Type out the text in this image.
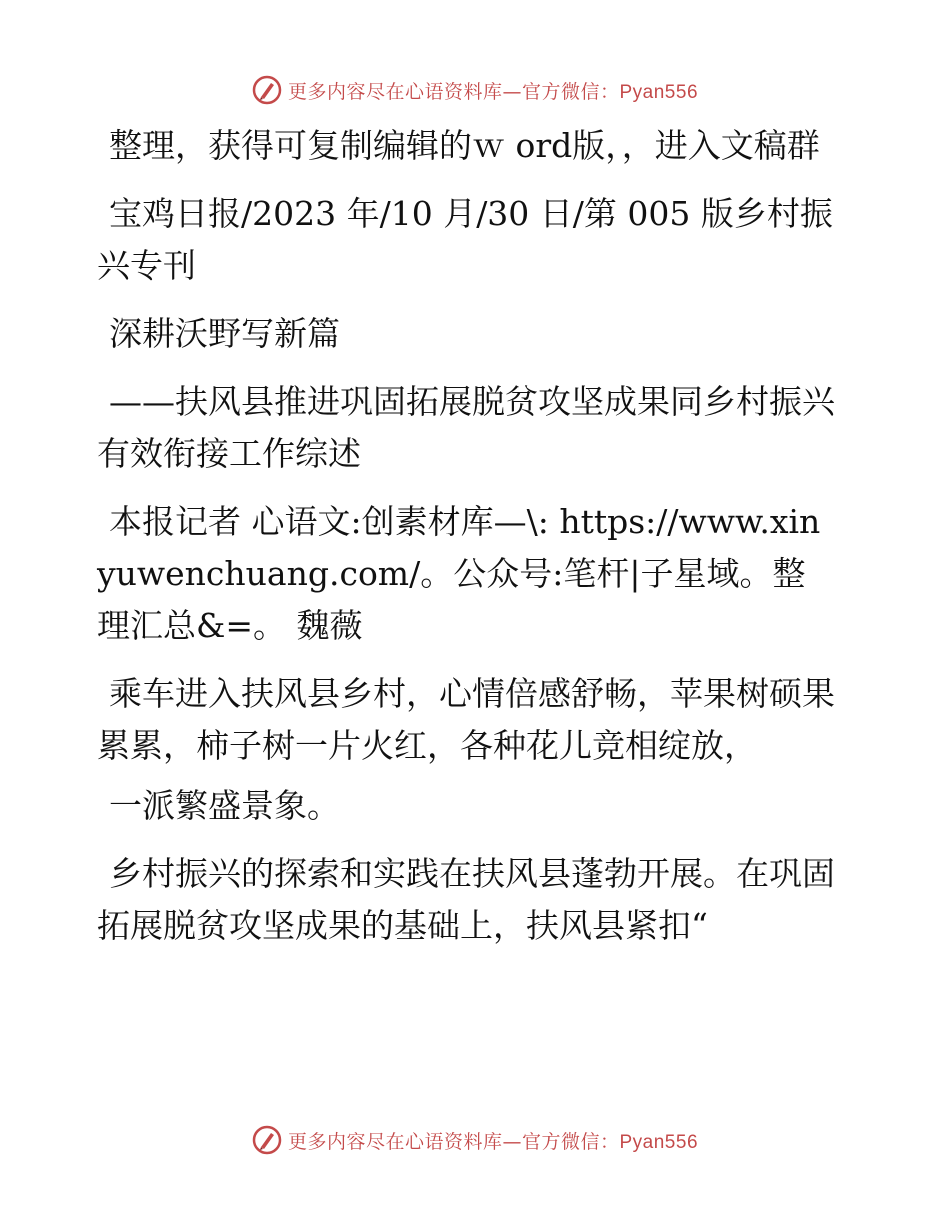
更多内容尽在心语资料库—官方微信：Pyan556

整理，获得可复制编辑的ｗ ord版，，进入文稿群

宝鸡日报/2023 年/10 月/30 日/第 005 版乡村振兴专刊

深耕沃野写新篇

——扶风县推进巩固拓展脱贫攻坚成果同乡村振兴有效衔接工作综述

本报记者 心语文:创素材库—\: https://www.xinyuwenchuang.com/。公众号:笔杆|子星域。整理汇总&=。 魏薇

乘车进入扶风县乡村，心情倍感舒畅，苹果树硕果累累，柿子树一片火红，各种花儿竞相绽放，

一派繁盛景象。

乡村振兴的探索和实践在扶风县蓬勃开展。在巩固拓展脱贫攻坚成果的基础上，扶风县紧扣“

更多内容尽在心语资料库—官方微信：Pyan556
